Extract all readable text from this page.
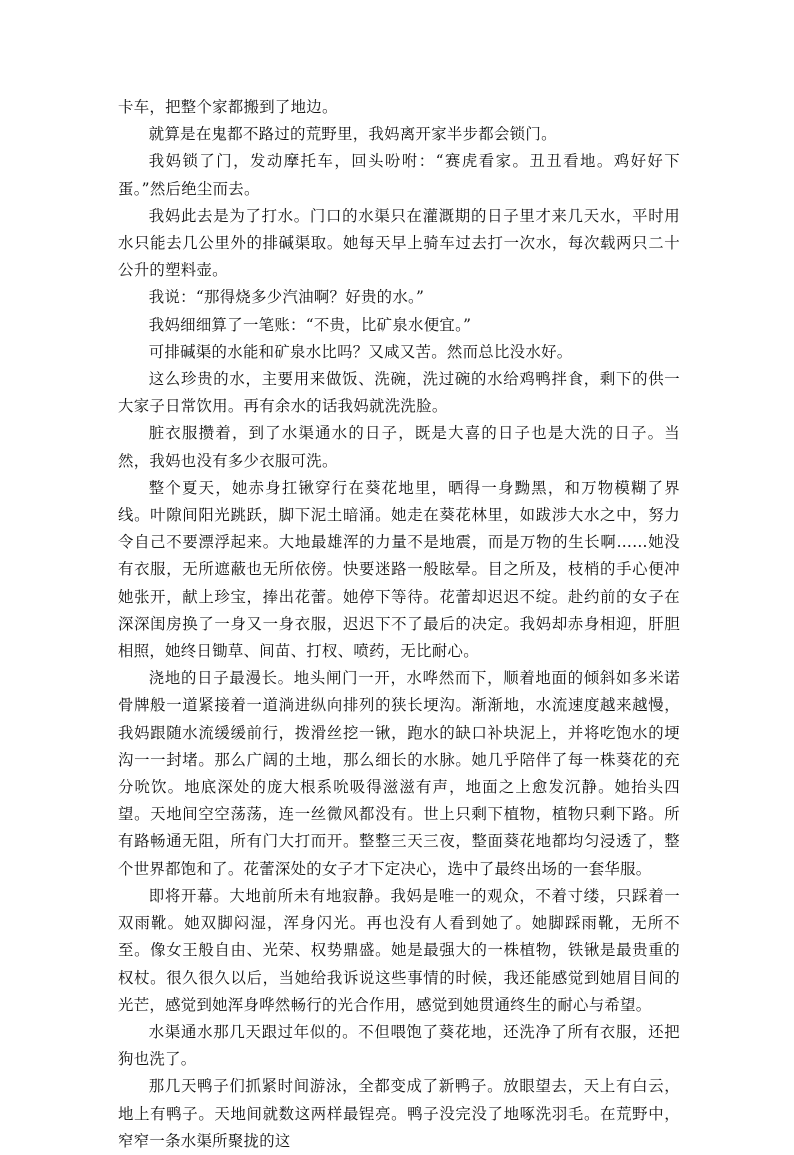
卡车，把整个家都搬到了地边。

就算是在鬼都不路过的荒野里，我妈离开家半步都会锁门。

我妈锁了门，发动摩托车，回头吩咐：“赛虎看家。丑丑看地。鸡好好下蛋。”然后绝尘而去。

我妈此去是为了打水。门口的水渠只在灌溉期的日子里才来几天水，平时用水只能去几公里外的排碱渠取。她每天早上骑车过去打一次水，每次载两只二十公升的塑料壶。

我说：“那得烧多少汽油啊？好贵的水。”

我妈细细算了一笔账：“不贵，比矿泉水便宜。”

可排碱渠的水能和矿泉水比吗？又咸又苦。然而总比没水好。

这么珍贵的水，主要用来做饭、洗碗，洗过碗的水给鸡鸭拌食，剩下的供一大家子日常饮用。再有余水的话我妈就洗洗脸。

脏衣服攒着，到了水渠通水的日子，既是大喜的日子也是大洗的日子。当然，我妈也没有多少衣服可洗。

整个夏天，她赤身扛锹穿行在葵花地里，晒得一身黝黑，和万物模糊了界线。叶隙间阳光跳跃，脚下泥土暗涌。她走在葵花林里，如跋涉大水之中，努力令自己不要漂浮起来。大地最雄浑的力量不是地震，而是万物的生长啊……她没有衣服，无所遮蔽也无所依傍。快要迷路一般眩晕。目之所及，枝梢的手心便冲她张开，献上珍宝，捧出花蕾。她停下等待。花蕾却迟迟不绽。赴约前的女子在深深闺房换了一身又一身衣服，迟迟下不了最后的决定。我妈却赤身相迎，肝胆相照，她终日锄草、间苗、打杈、喷药，无比耐心。

浇地的日子最漫长。地头闸门一开，水哗然而下，顺着地面的倾斜如多米诺骨牌般一道紧接着一道淌进纵向排列的狭长埂沟。渐渐地，水流速度越来越慢，我妈跟随水流缓缓前行，拨滑丝挖一锹，跑水的缺口补块泥上，并将吃饱水的埂沟一一封堵。那么广阔的土地，那么细长的水脉。她几乎陪伴了每一株葵花的充分吮饮。地底深处的庞大根系吮吸得滋滋有声，地面之上愈发沉静。她抬头四望。天地间空空荡荡，连一丝微风都没有。世上只剩下植物，植物只剩下路。所有路畅通无阻，所有门大打而开。整整三天三夜，整面葵花地都均匀浸透了，整个世界都饱和了。花蕾深处的女子才下定决心，选中了最终出场的一套华服。

即将开幕。大地前所未有地寂静。我妈是唯一的观众，不着寸缕，只踩着一双雨靴。她双脚闷湿，浑身闪光。再也没有人看到她了。她脚踩雨靴，无所不至。像女王般自由、光荣、权势鼎盛。她是最强大的一株植物，铁锹是最贵重的权杖。很久很久以后，当她给我诉说这些事情的时候，我还能感觉到她眉目间的光芒，感觉到她浑身哗然畅行的光合作用，感觉到她贯通终生的耐心与希望。

水渠通水那几天跟过年似的。不但喂饱了葵花地，还洗净了所有衣服，还把狗也洗了。

那几天鸭子们抓紧时间游泳，全都变成了新鸭子。放眼望去，天上有白云，地上有鸭子。天地间就数这两样最锃亮。鸭子没完没了地啄洗羽毛。在荒野中，窄窄一条水渠所聚拢的这
